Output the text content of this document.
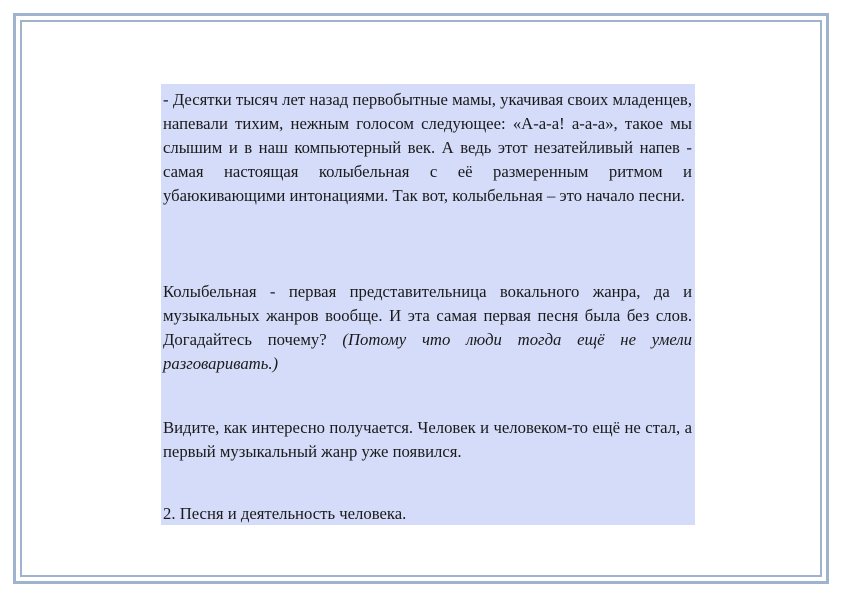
- Десятки тысяч лет назад первобытные мамы, укачивая своих младенцев, напевали тихим, нежным голосом следующее: «А-а-а! а-а-а», такое мы слышим и в наш компьютерный век. А ведь этот незатейливый напев - самая настоящая колыбельная с её размеренным ритмом и убаюкивающими интонациями. Так вот, колыбельная – это начало песни.

Колыбельная - первая представительница вокального жанра, да и музыкальных жанров вообще. И эта самая первая песня была без слов. Догадайтесь почему? (Потому что люди тогда ещё не умели разговаривать.)

Видите, как интересно получается. Человек и человеком-то ещё не стал, а первый музыкальный жанр уже появился.

2. Песня и деятельность человека.
